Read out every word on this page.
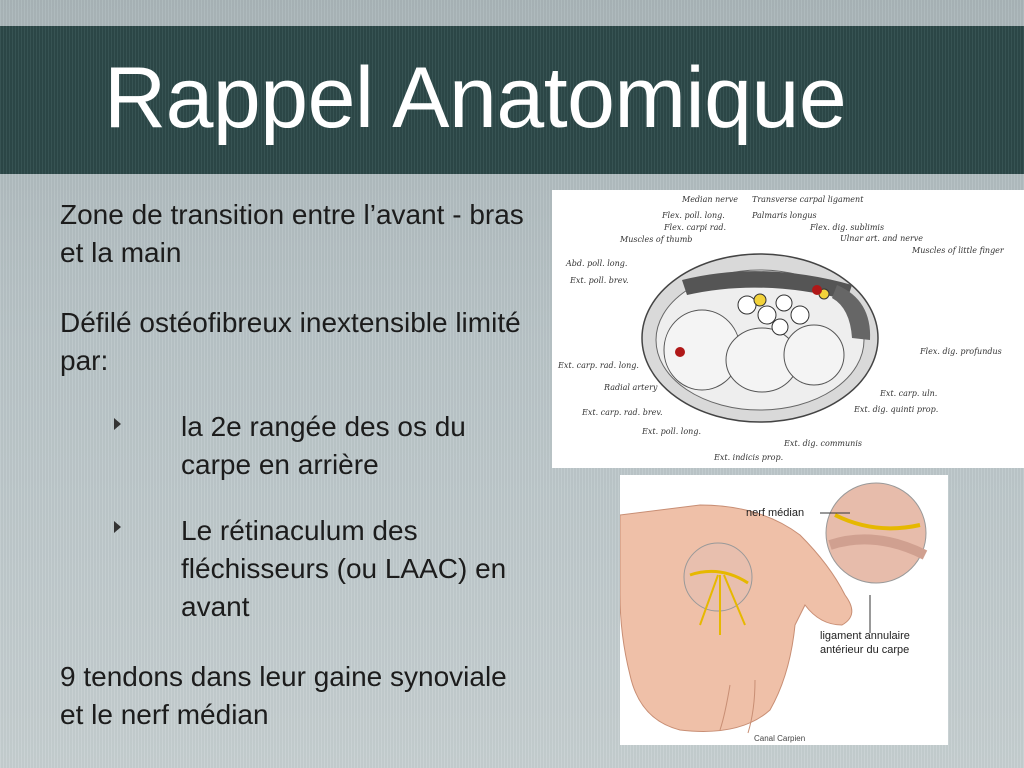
Rappel Anatomique

Zone de transition entre l’avant - bras et la main

Défilé ostéofibreux inextensible limité par:

la 2e rangée des os du carpe en arrière

Le rétinaculum des fléchisseurs (ou LAAC) en avant

9 tendons dans leur gaine synoviale et le nerf médian

Median nerve Transverse carpal ligament
Flex. poll. long.	Palmaris longus
Flex. carpi rad.	Flex. dig. sublimis
Muscles of thumb	Ulnar art. and nerve
Muscles of little finger
Abd. poll. long.
Ext. poll. brev.
Flex. dig. profundus
Ext. carp. rad. long.
Radial artery
Ext. carp. uln.
Ext. carp. rad. brev.	Ext. dig. quinti prop.
Ext. poll. long.
Ext. dig. communis
Ext. indicis prop.
nerf médian
ligament annulaire
antérieur du carpe
Canal Carpien
